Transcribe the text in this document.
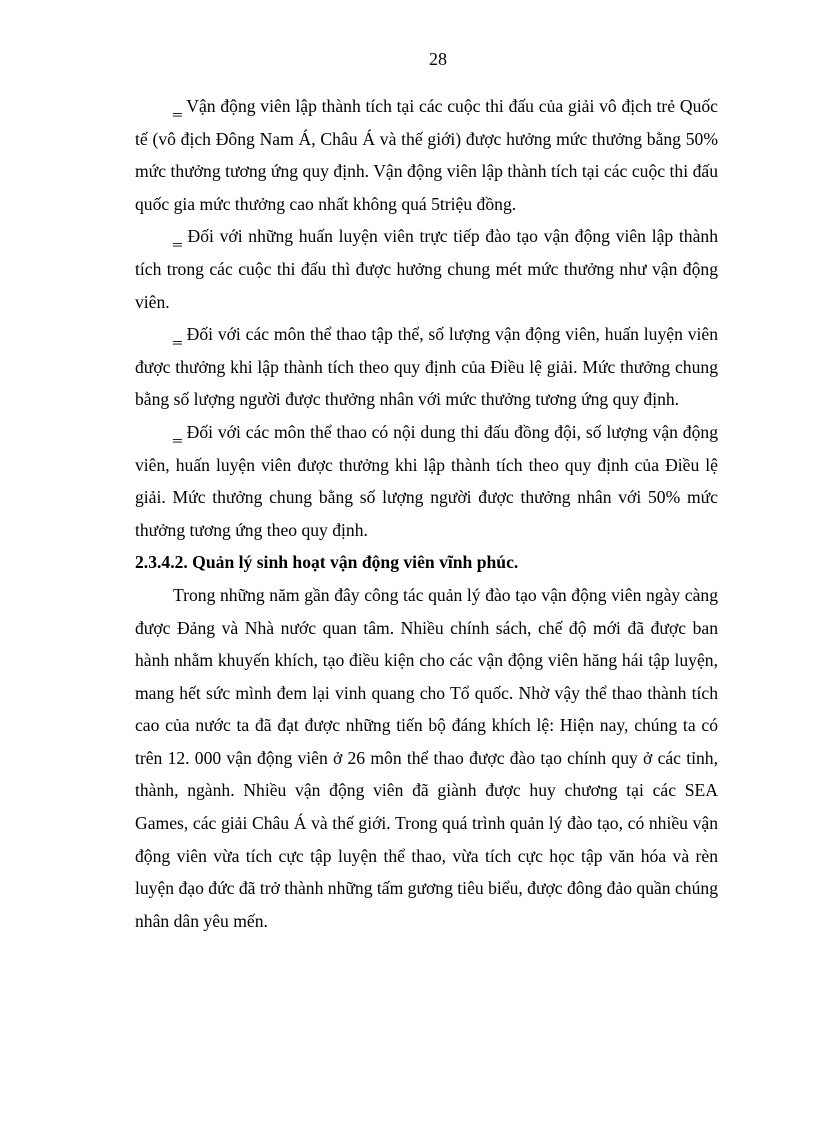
28

‗ Vận động viên lập thành tích tại các cuộc thi đấu của giải vô địch trẻ Quốc tế (vô địch Đông Nam Á, Châu Á và thế giới) được hưởng mức thưởng bằng 50% mức thưởng tương ứng quy định. Vận động viên lập thành tích tại các cuộc thi đấu quốc gia mức thưởng cao nhất không quá 5triệu đồng.

‗ Đối với những huấn luyện viên trực tiếp đào tạo vận động viên lập thành tích trong các cuộc thi đấu thì được hưởng chung mét mức thưởng như vận động viên.

‗ Đối với các môn thể thao tập thể, số lượng vận động viên, huấn luyện viên được thưởng khi lập thành tích theo quy định của Điều lệ giải. Mức thưởng chung bằng số lượng người được thưởng nhân với mức thưởng tương ứng quy định.

‗ Đối với các môn thể thao có nội dung thi đấu đồng đội, số lượng vận động viên, huấn luyện viên được thưởng khi lập thành tích theo quy định của Điều lệ giải. Mức thưởng chung bằng số lượng người được thưởng nhân với 50% mức thưởng tương ứng theo quy định.

2.3.4.2. Quản lý sinh hoạt vận động viên vĩnh phúc.

Trong những năm gần đây công tác quản lý đào tạo vận động viên ngày càng được Đảng và Nhà nước quan tâm. Nhiều chính sách, chế độ mới đã được ban hành nhằm khuyến khích, tạo điều kiện cho các vận động viên hăng hái tập luyện, mang hết sức mình đem lại vinh quang cho Tổ quốc. Nhờ vậy thể thao thành tích cao của nước ta đã đạt được những tiến bộ đáng khích lệ: Hiện nay, chúng ta có trên 12. 000 vận động viên ở 26 môn thể thao được đào tạo chính quy ở các tỉnh, thành, ngành. Nhiều vận động viên đã giành được huy chương tại các SEA Games, các giải Châu Á và thế giới. Trong quá trình quản lý đào tạo, có nhiều vận động viên vừa tích cực tập luyện thể thao, vừa tích cực học tập văn hóa và rèn luyện đạo đức đã trở thành những tấm gương tiêu biểu, được đông đảo quần chúng nhân dân yêu mến.
